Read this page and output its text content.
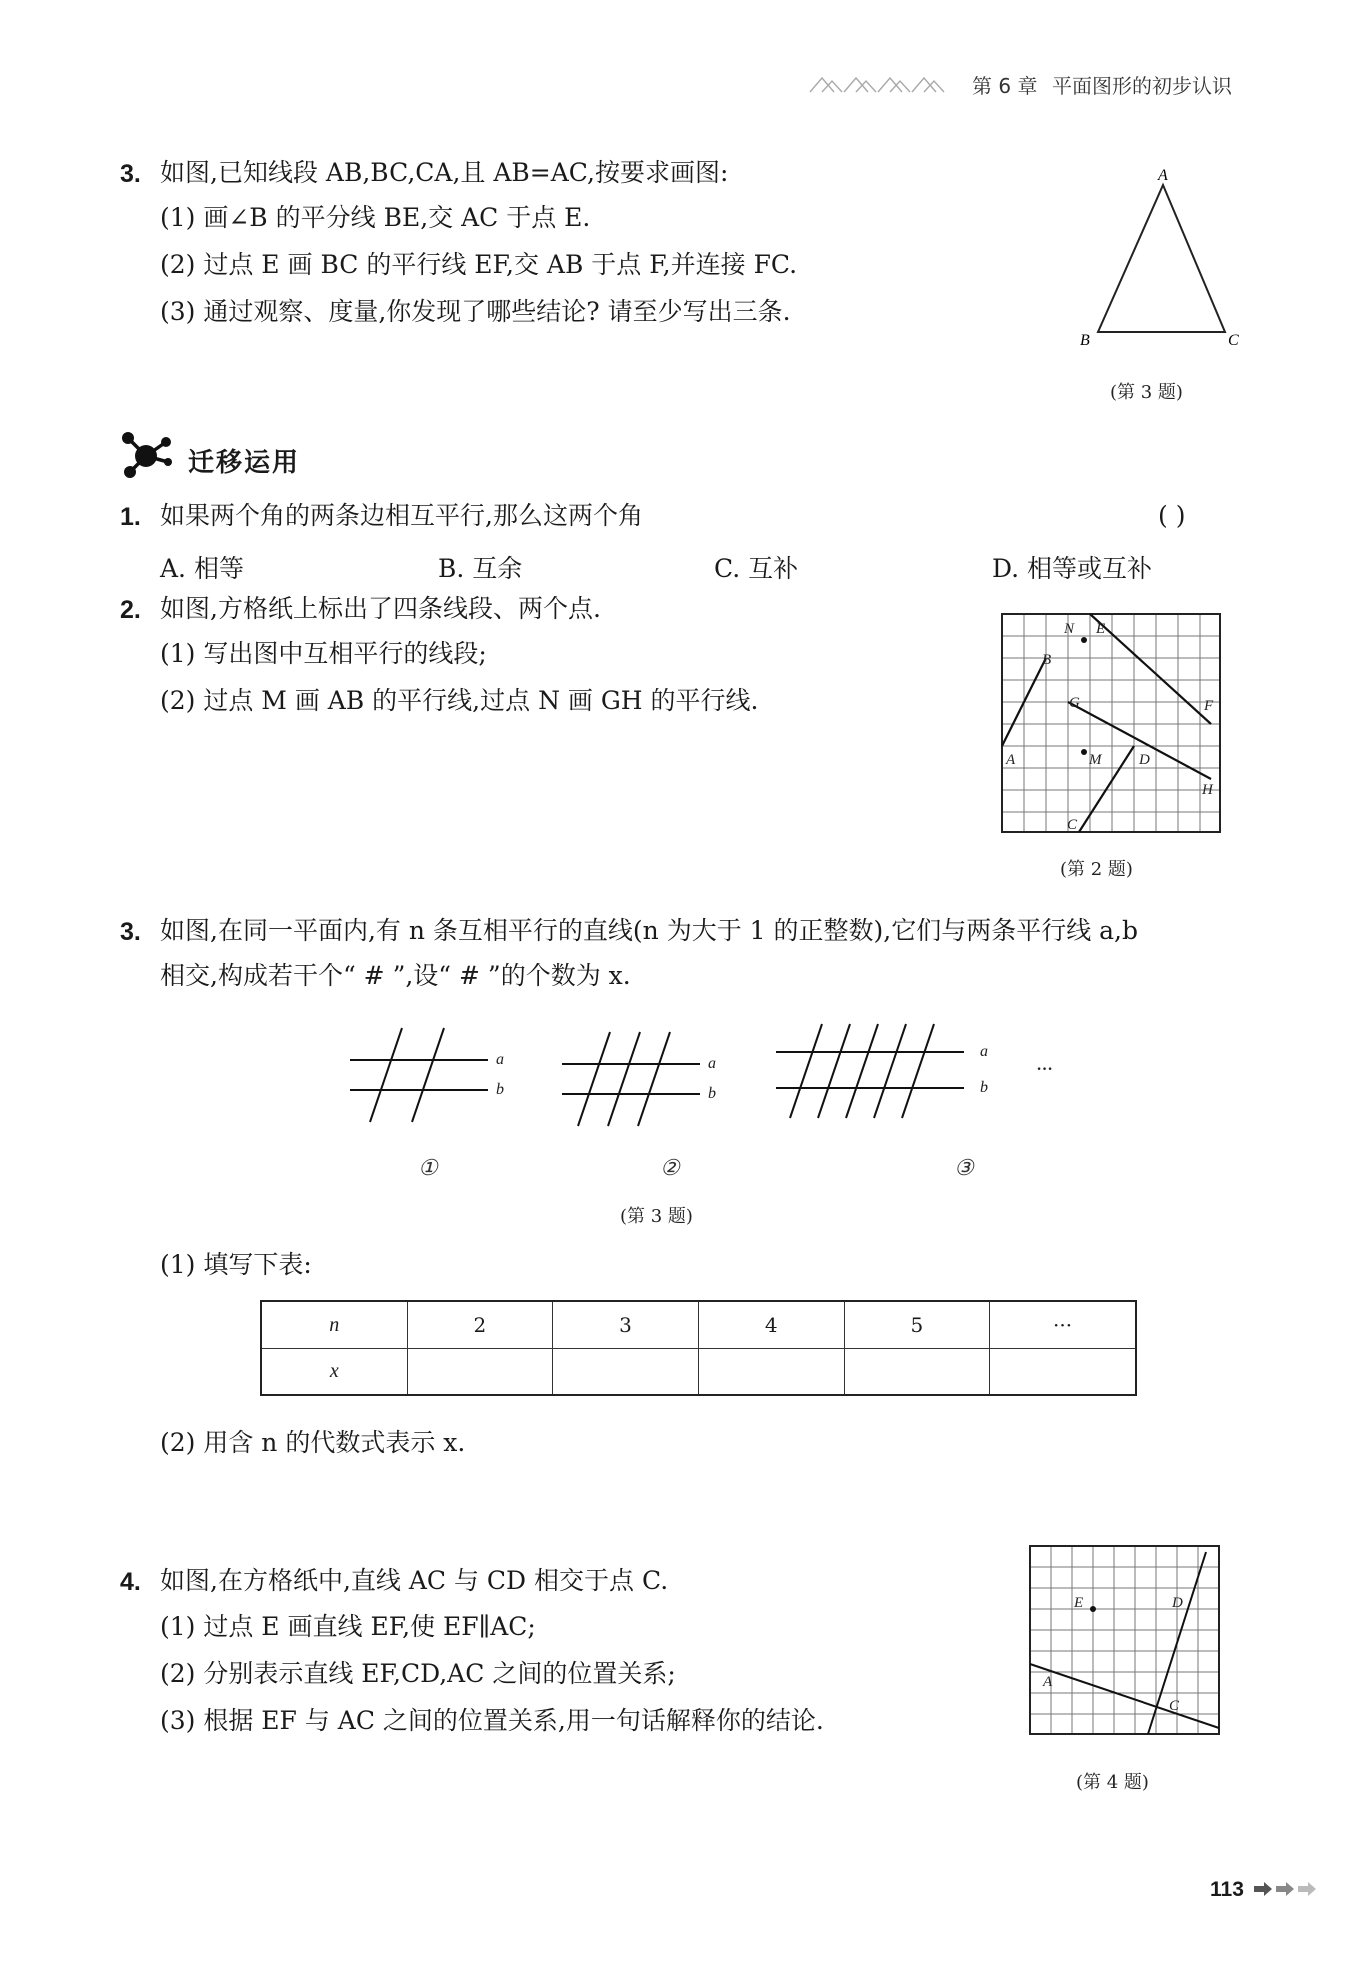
第 6 章 平面图形的初步认识
3. 如图,已知线段 AB,BC,CA,且 AB=AC,按要求画图:
(1) 画∠B 的平分线 BE,交 AC 于点 E.
(2) 过点 E 画 BC 的平行线 EF,交 AB 于点 F,并连接 FC.
(3) 通过观察、度量,你发现了哪些结论? 请至少写出三条.
A
B	C
(第 3 题)
迁移运用
1. 如果两个角的两条边相互平行,那么这两个角	( )
A. 相等	B. 互余	C. 互补	D. 相等或互补
2. 如图,方格纸上标出了四条线段、两个点.
(1) 写出图中互相平行的线段;
(2) 过点 M 画 AB 的平行线,过点 N 画 GH 的平行线.
N E
B
G	F
A	M	D
H
C
(第 2 题)
3. 如图,在同一平面内,有 n 条互相平行的直线(n 为大于 1 的正整数),它们与两条平行线 a,b
相交,构成若干个“ # ”,设“ # ”的个数为 x.
a
b
a
b
a
b
···
①	②	③
(第 3 题)
(1) 填写下表:
n	2	3	4	5	···
x					
(2) 用含 n 的代数式表示 x.
4. 如图,在方格纸中,直线 AC 与 CD 相交于点 C.
(1) 过点 E 画直线 EF,使 EF∥AC;
(2) 分别表示直线 EF,CD,AC 之间的位置关系;
(3) 根据 EF 与 AC 之间的位置关系,用一句话解释你的结论.
E	D
A
C
(第 4 题)
113
